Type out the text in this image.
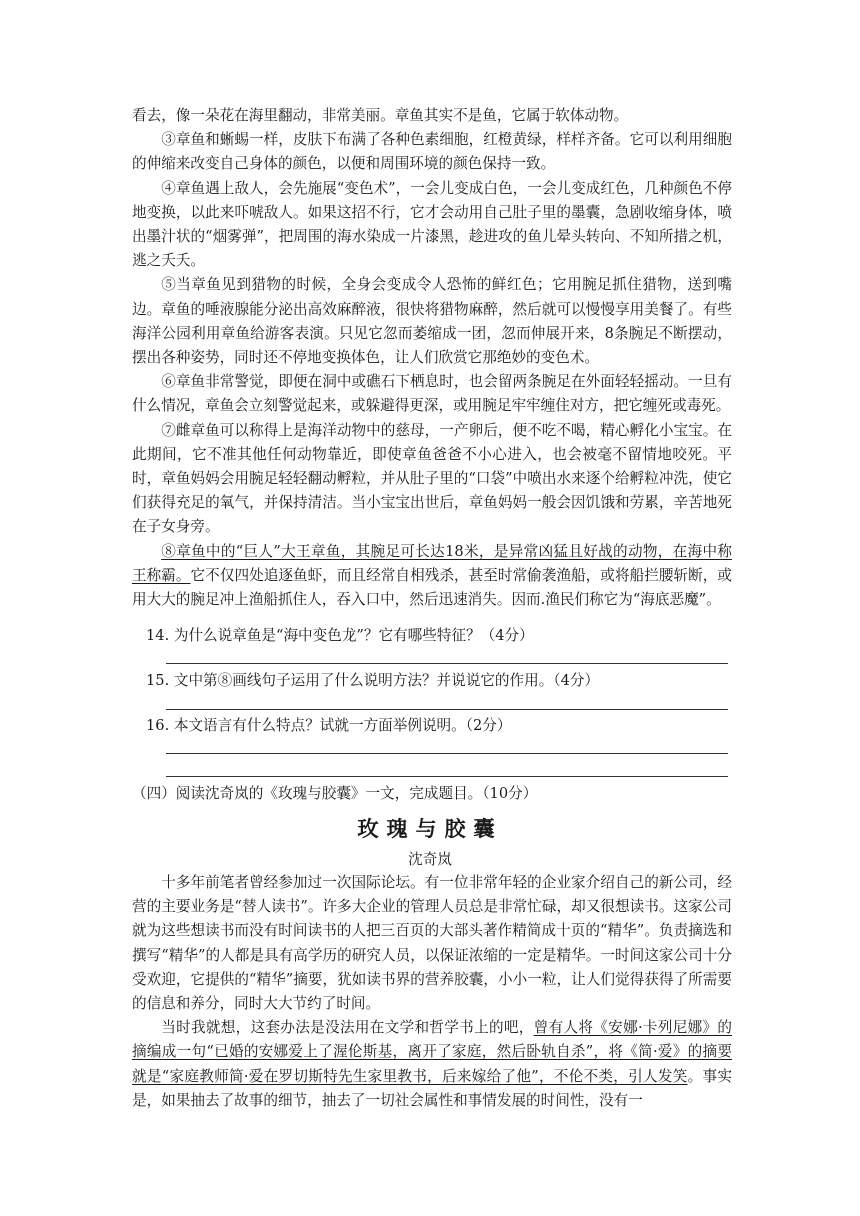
看去，像一朵花在海里翻动，非常美丽。章鱼其实不是鱼，它属于软体动物。

③章鱼和蜥蜴一样，皮肤下布满了各种色素细胞，红橙黄绿，样样齐备。它可以利用细胞的伸缩来改变自己身体的颜色，以便和周围环境的颜色保持一致。

④章鱼遇上敌人，会先施展“变色术”，一会儿变成白色，一会儿变成红色，几种颜色不停地变换，以此来吓唬敌人。如果这招不行，它才会动用自己肚子里的墨囊，急剧收缩身体，喷出墨汁状的“烟雾弹”，把周围的海水染成一片漆黑，趁进攻的鱼儿晕头转向、不知所措之机，逃之夭夭。

⑤当章鱼见到猎物的时候，全身会变成令人恐怖的鲜红色；它用腕足抓住猎物，送到嘴边。章鱼的唾液腺能分泌出高效麻醉液，很快将猎物麻醉，然后就可以慢慢享用美餐了。有些海洋公园利用章鱼给游客表演。只见它忽而萎缩成一团，忽而伸展开来，8条腕足不断摆动，摆出各种姿势，同时还不停地变换体色，让人们欣赏它那绝妙的变色术。

⑥章鱼非常警觉，即便在洞中或礁石下栖息时，也会留两条腕足在外面轻轻摇动。一旦有什么情况，章鱼会立刻警觉起来，或躲避得更深，或用腕足牢牢缠住对方，把它缠死或毒死。

⑦雌章鱼可以称得上是海洋动物中的慈母，一产卵后，便不吃不喝，精心孵化小宝宝。在此期间，它不准其他任何动物靠近，即使章鱼爸爸不小心进入，也会被毫不留情地咬死。平时，章鱼妈妈会用腕足轻轻翻动孵粒，并从肚子里的“口袋”中喷出水来逐个给孵粒冲洗，使它们获得充足的氧气，并保持清洁。当小宝宝出世后，章鱼妈妈一般会因饥饿和劳累，辛苦地死在子女身旁。

⑧章鱼中的“巨人”大王章鱼，其腕足可长达18米，是异常凶猛且好战的动物，在海中称王称霸。它不仅四处追逐鱼虾，而且经常自相残杀，甚至时常偷袭渔船，或将船拦腰斩断，或用大大的腕足冲上渔船抓住人，吞入口中，然后迅速消失。因而.渔民们称它为“海底恶魔”。

14. 为什么说章鱼是“海中变色龙”？它有哪些特征？（4分）

15. 文中第⑧画线句子运用了什么说明方法？并说说它的作用。（4分）

16. 本文语言有什么特点？试就一方面举例说明。（2分）

（四）阅读沈奇岚的《玫瑰与胶囊》一文，完成题目。（10分）

玫瑰与胶囊

沈奇岚

十多年前笔者曾经参加过一次国际论坛。有一位非常年轻的企业家介绍自己的新公司，经营的主要业务是“替人读书”。许多大企业的管理人员总是非常忙碌，却又很想读书。这家公司就为这些想读书而没有时间读书的人把三百页的大部头著作精简成十页的“精华”。负责摘选和撰写“精华”的人都是具有高学历的研究人员，以保证浓缩的一定是精华。一时间这家公司十分受欢迎，它提供的“精华”摘要，犹如读书界的营养胶囊，小小一粒，让人们觉得获得了所需要的信息和养分，同时大大节约了时间。

当时我就想，这套办法是没法用在文学和哲学书上的吧，曾有人将《安娜·卡列尼娜》的摘编成一句“已婚的安娜爱上了渥伦斯基，离开了家庭，然后卧轨自杀”，将《简·爱》的摘要就是“家庭教师简·爱在罗切斯特先生家里教书，后来嫁给了他”，不伦不类，引人发笑。事实是，如果抽去了故事的细节，抽去了一切社会属性和事情发展的时间性，没有一
